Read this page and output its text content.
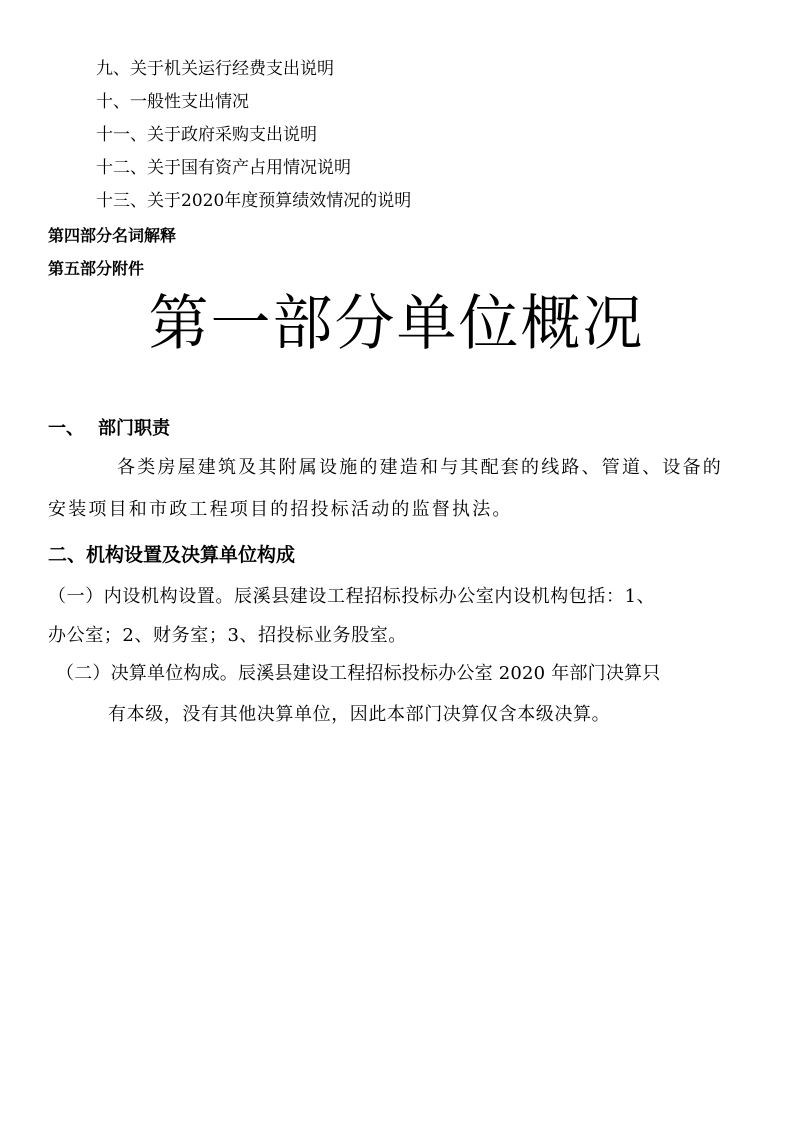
九、关于机关运行经费支出说明
十、一般性支出情况
十一、关于政府采购支出说明
十二、关于国有资产占用情况说明
十三、关于2020年度预算绩效情况的说明
第四部分名词解释
第五部分附件
第一部分单位概况
一、 部门职责
各类房屋建筑及其附属设施的建造和与其配套的线路、管道、设备的
安装项目和市政工程项目的招投标活动的监督执法。
二、机构设置及决算单位构成
（一）内设机构设置。辰溪县建设工程招标投标办公室内设机构包括：1、
办公室；2、财务室；3、招投标业务股室。
（二）决算单位构成。辰溪县建设工程招标投标办公室 2020 年部门决算只
有本级，没有其他决算单位，因此本部门决算仅含本级决算。
